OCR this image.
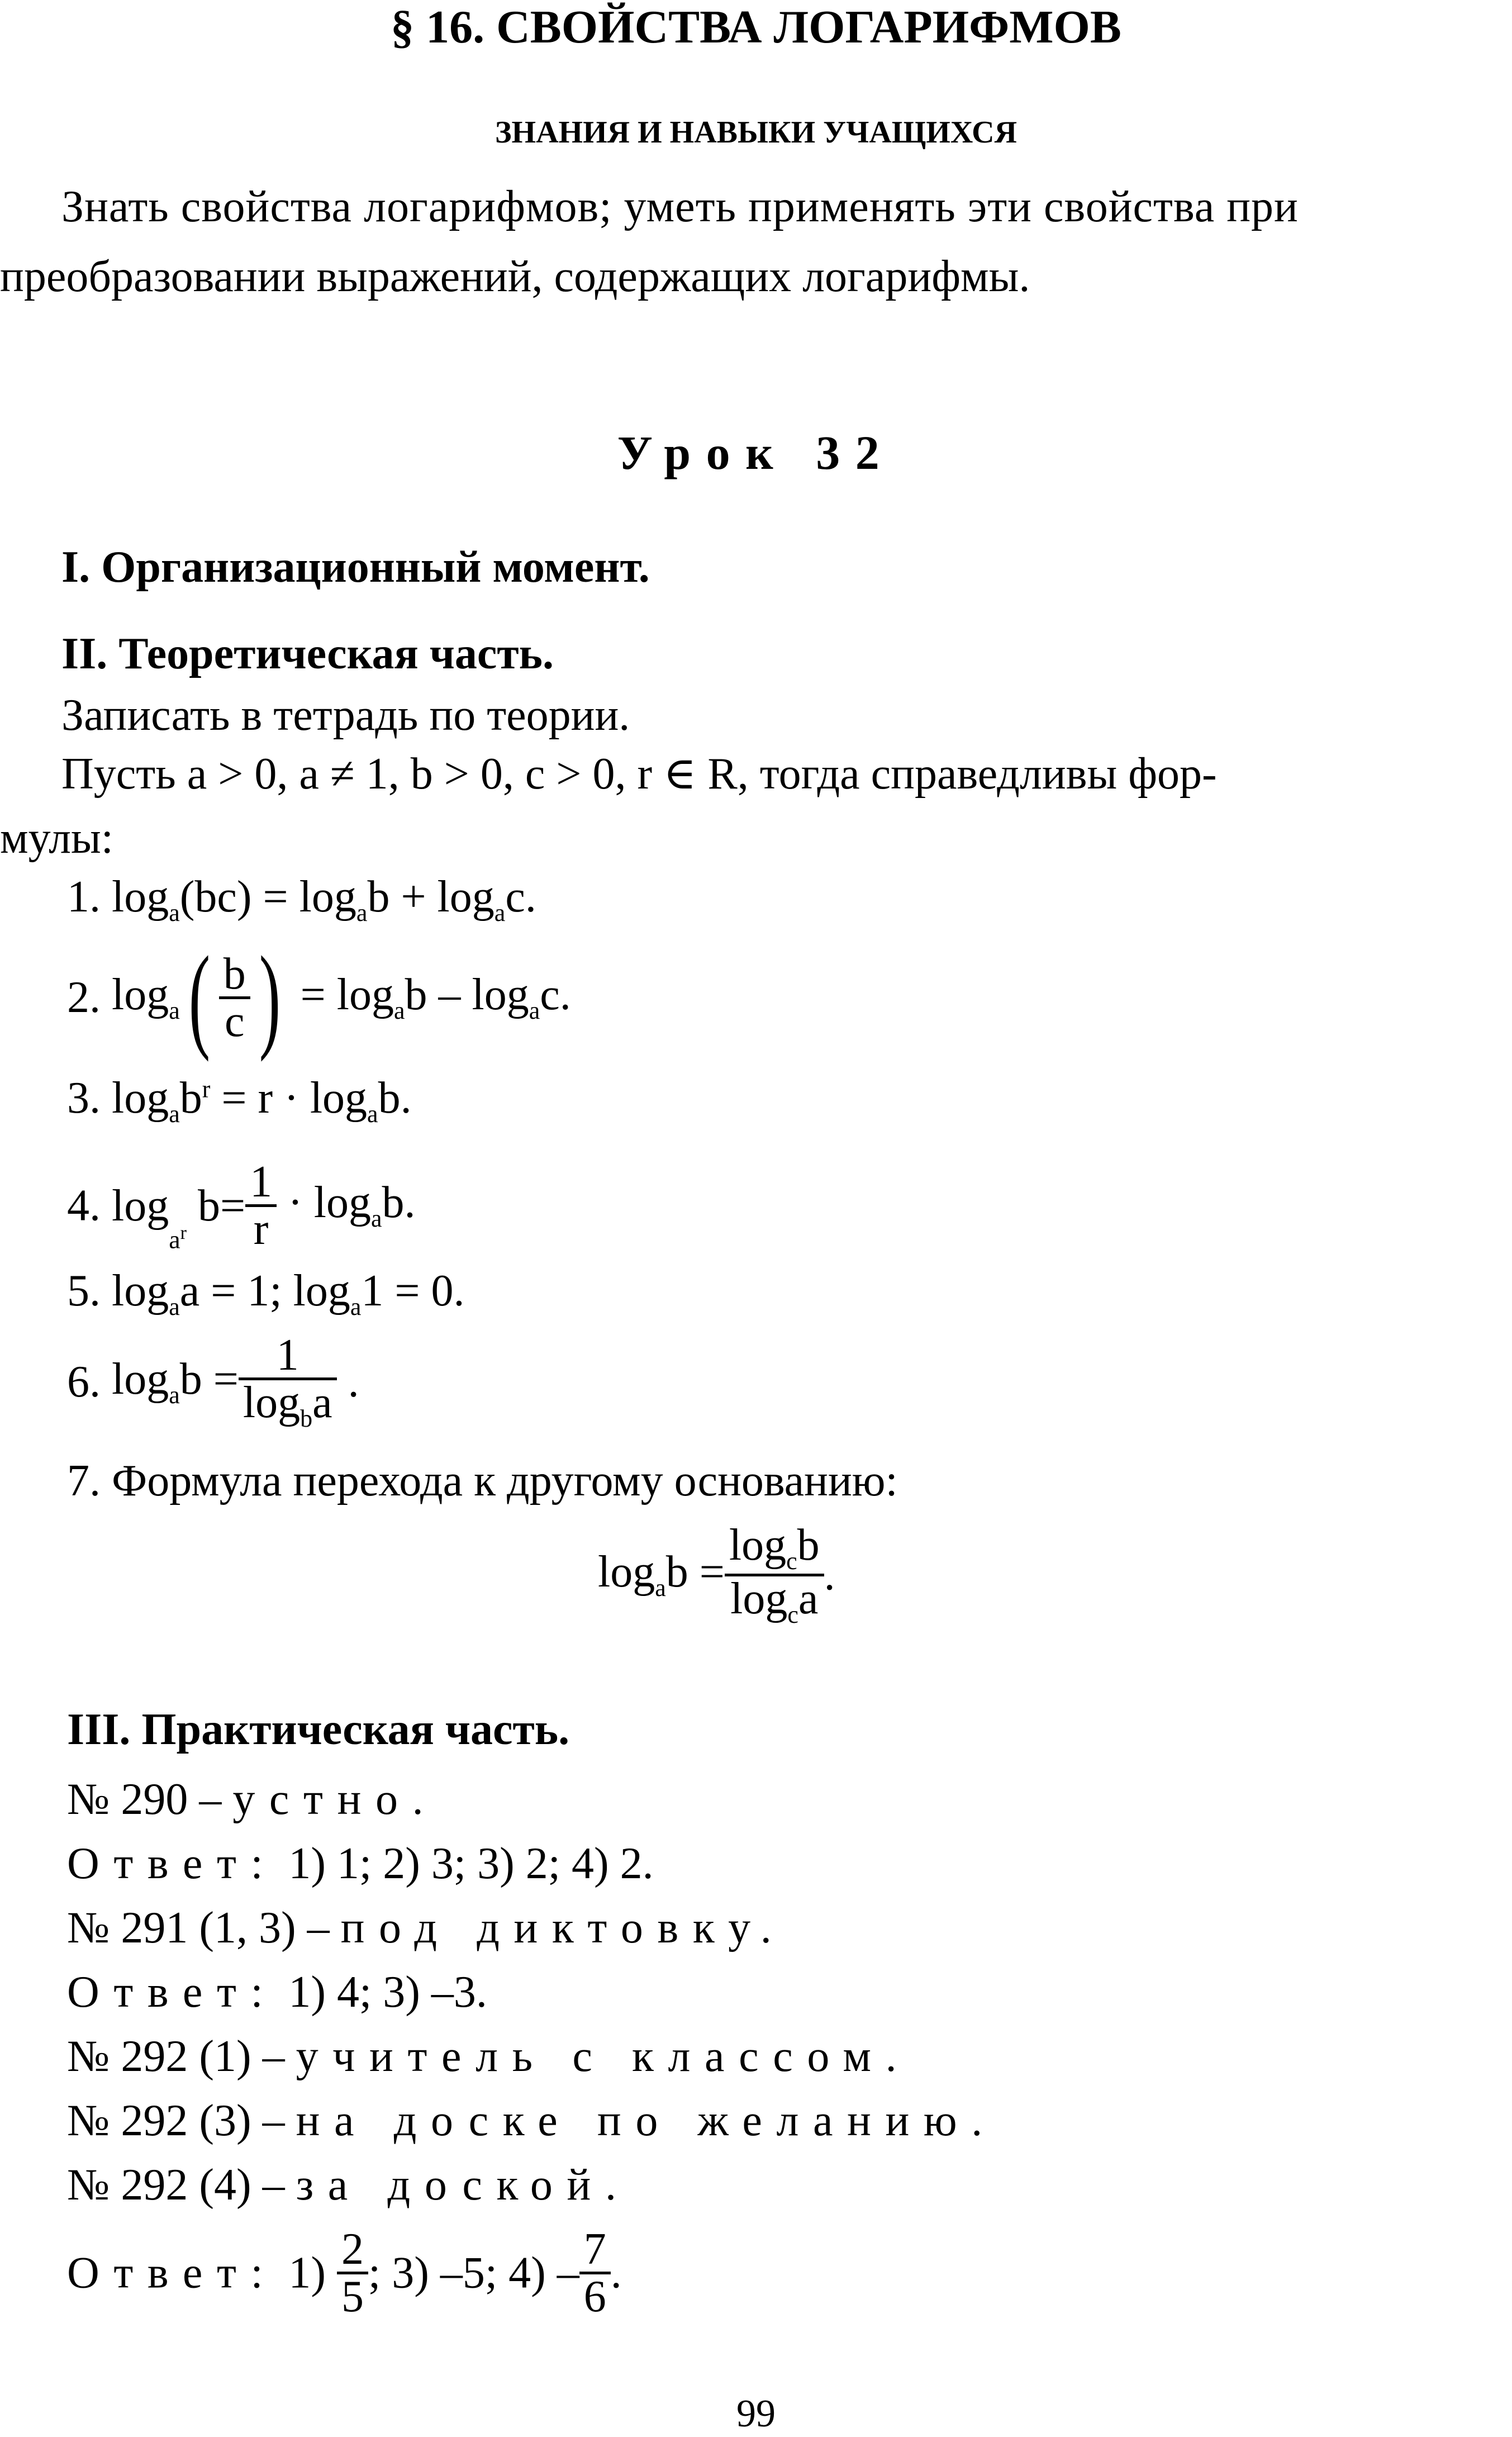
§ 16. СВОЙСТВА ЛОГАРИФМОВ
ЗНАНИЯ И НАВЫКИ УЧАЩИХСЯ
Знать свойства логарифмов; уметь применять эти свойства при
преобразовании выражений, содержащих логарифмы.
Урок 32
I. Организационный момент.
II. Теоретическая часть.
Записать в тетрадь по теории.
Пусть a > 0, a ≠ 1, b > 0, c > 0, r ∈ R, тогда справедливы фор-
мулы:
1. $\log_a(bc) = \log_ab + \log_ac$.
2. $\log_a( \frac{b}{c}$ ) = $\log_ab - \log_ac$.
3. $\log_ab^r = r \cdot \log_ab$.
4. loga$^r$ $b= \frac{1}{r} \cdot \log_ab$.
5. $\log_aa = 1$; $\log_a1 = 0$.
6. $\log_ab = \frac{1}{\log_ba}$ .
7. Формула перехода к другому основанию:
$\log_ab = \frac{\log_cb}{\log_ca}$ .
III. Практическая часть.
№ 290 – устно.
Ответ: 1) 1; 2) 3; 3) 2; 4) 2.
№ 291 (1, 3) – под диктовку.
Ответ: 1) 4; 3) –3.
№ 292 (1) – учитель с классом.
№ 292 (3) – на доске по желанию.
№ 292 (4) – за доской.
Ответ: $1) \frac{2}{5}$ ; 3) –5; $4) - \frac{7}{6}$ .
99
